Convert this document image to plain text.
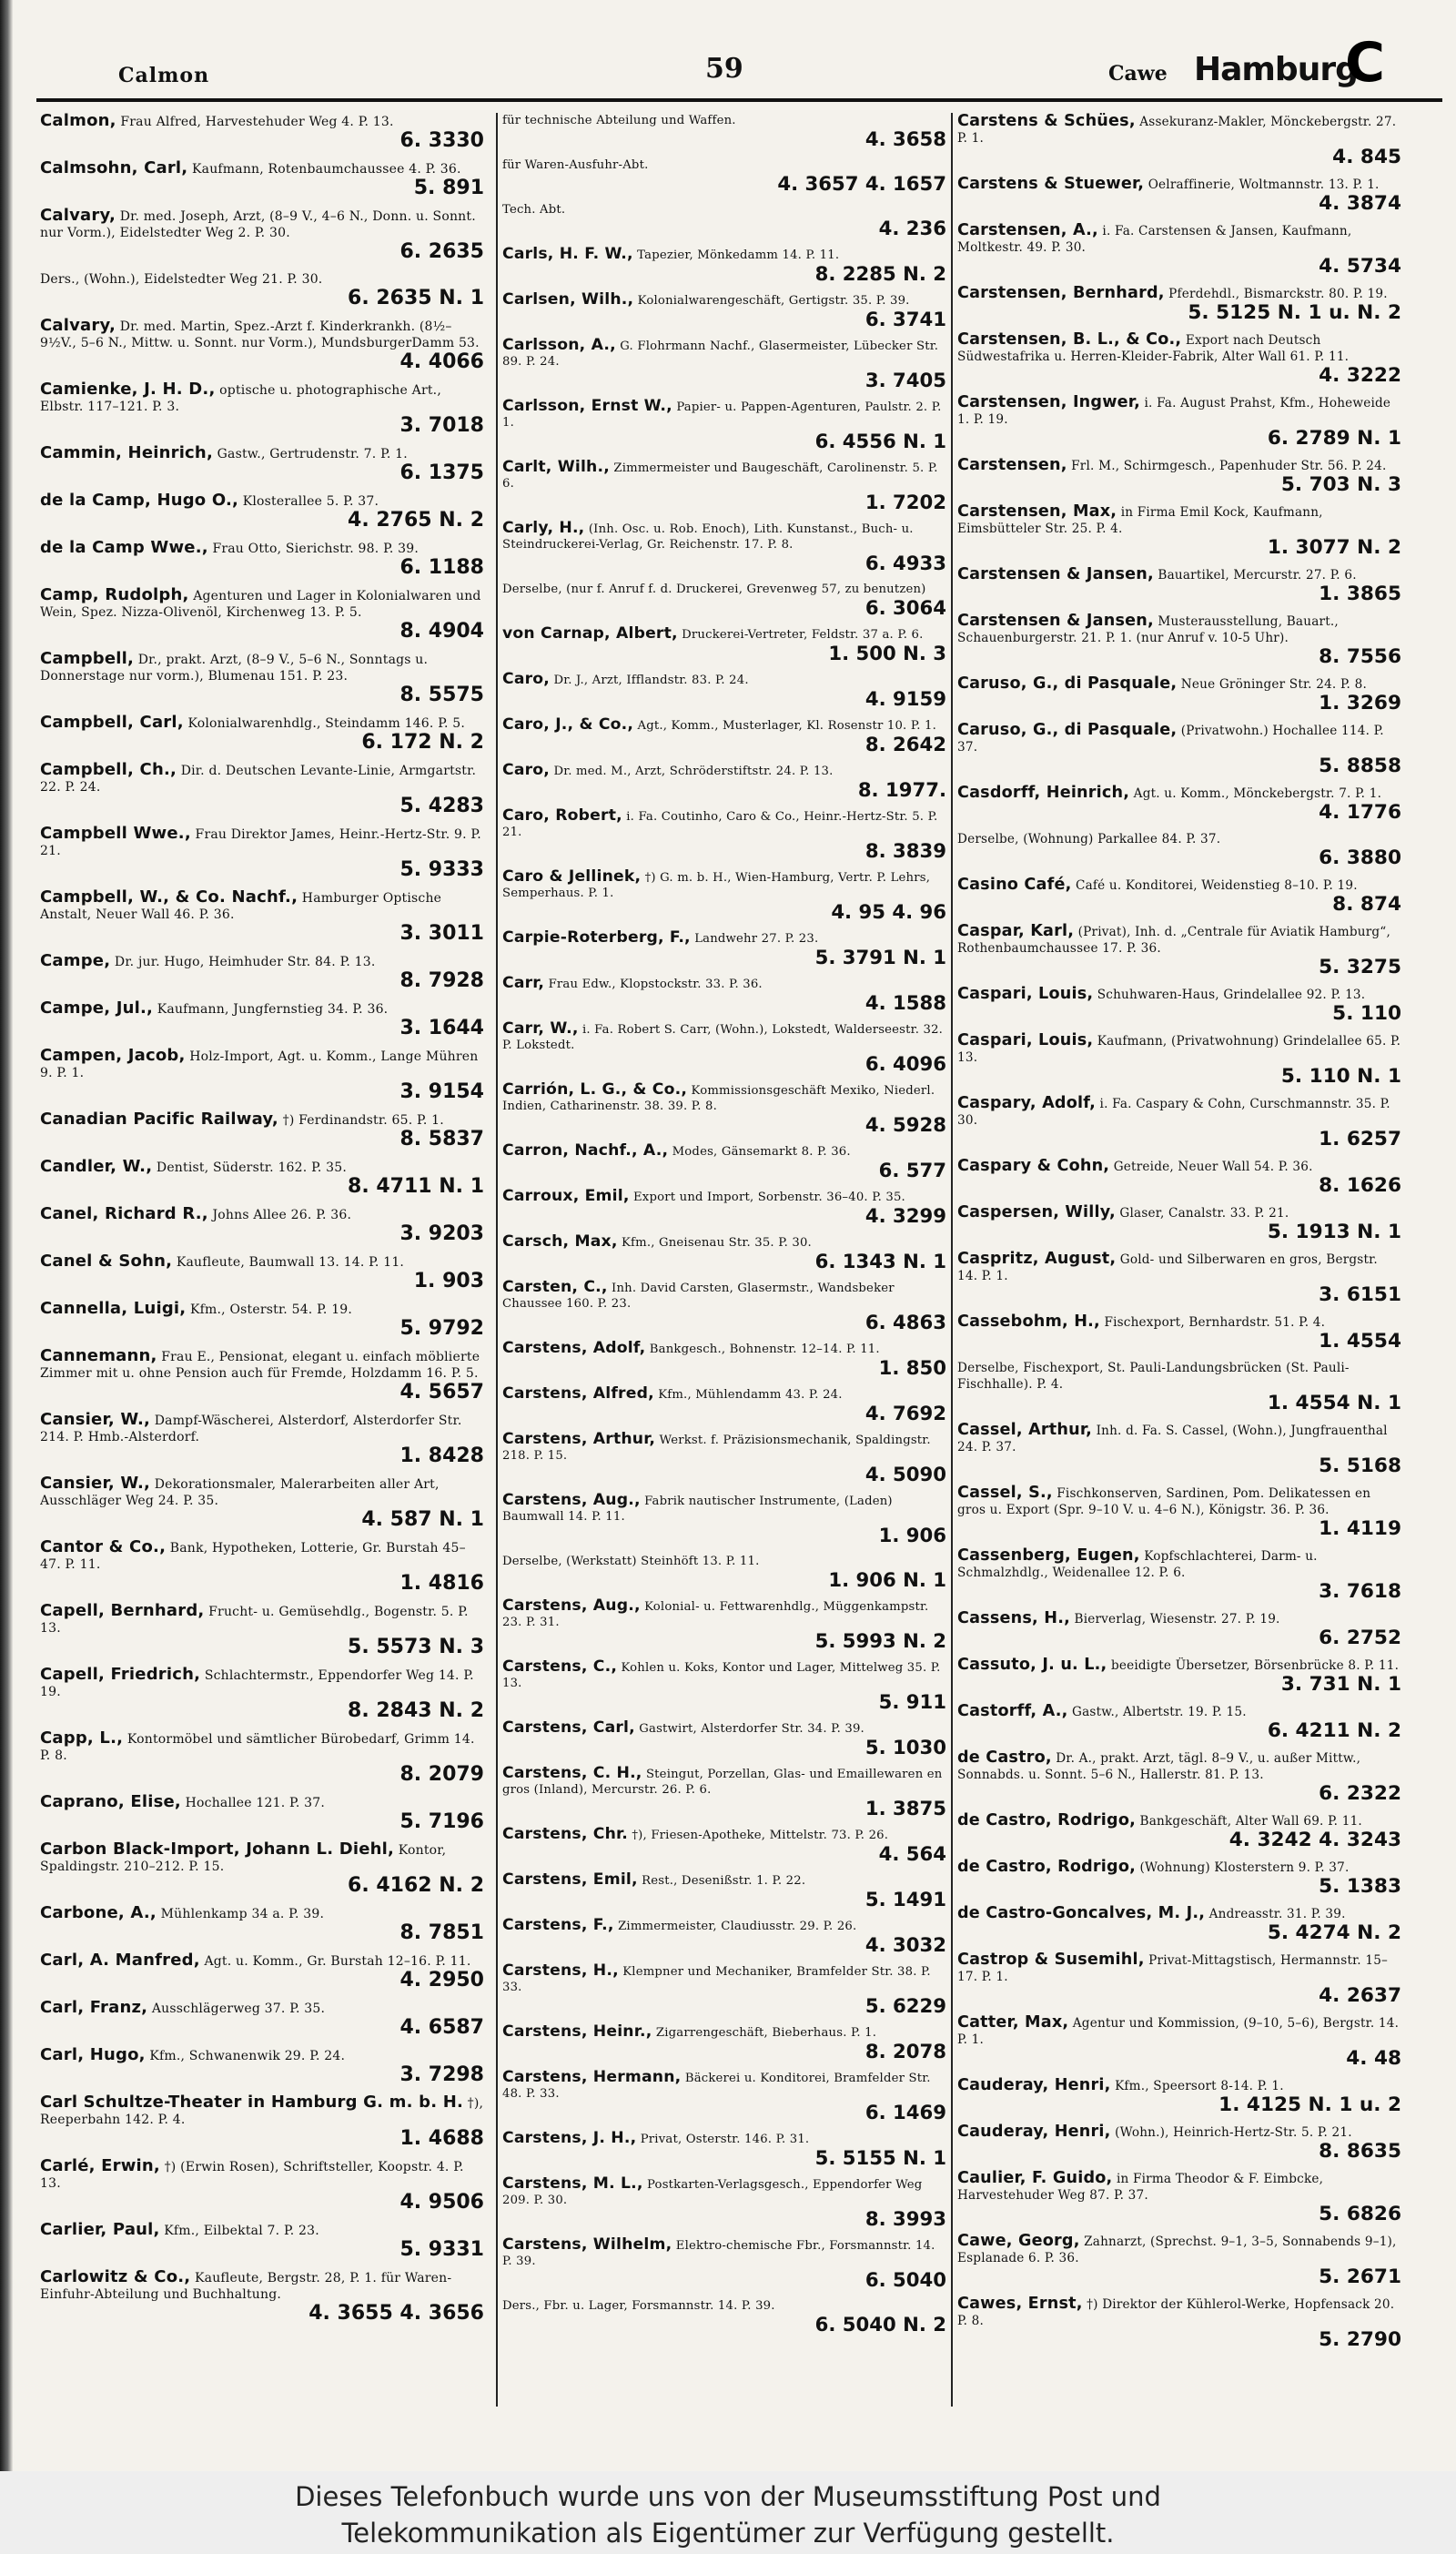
Calmon	59	Cawe Hamburg
C
Calmon, Frau Alfred, Harvestehuder Weg 4. P. 13.
6. 3330
Calmsohn, Carl, Kaufmann, Rotenbaumchaussee 4. P. 36.
5. 891
Calvary, Dr. med. Joseph, Arzt, (8–9 V., 4–6 N., Donn. u. Sonnt. nur Vorm.), Eidelstedter Weg 2. P. 30.
6. 2635
Ders., (Wohn.), Eidelstedter Weg 21. P. 30.
6. 2635 N. 1
Calvary, Dr. med. Martin, Spez.-Arzt f. Kinderkrankh. (8½–9½V., 5–6 N., Mittw. u. Sonnt. nur Vorm.), MundsburgerDamm 53.
4. 4066
Camienke, J. H. D., optische u. photographische Art., Elbstr. 117–121. P. 3.
3. 7018
Cammin, Heinrich, Gastw., Gertrudenstr. 7. P. 1.
6. 1375
de la Camp, Hugo O., Klosterallee 5. P. 37.
4. 2765 N. 2
de la Camp Wwe., Frau Otto, Sierichstr. 98. P. 39.
6. 1188
Camp, Rudolph, Agenturen und Lager in Kolonialwaren und Wein, Spez. Nizza-Olivenöl, Kirchenweg 13. P. 5.
8. 4904
Campbell, Dr., prakt. Arzt, (8–9 V., 5–6 N., Sonntags u. Donnerstage nur vorm.), Blumenau 151. P. 23.
8. 5575
Campbell, Carl, Kolonialwarenhdlg., Steindamm 146. P. 5.
6. 172 N. 2
Campbell, Ch., Dir. d. Deutschen Levante-Linie, Armgartstr. 22. P. 24.
5. 4283
Campbell Wwe., Frau Direktor James, Heinr.-Hertz-Str. 9. P. 21.
5. 9333
Campbell, W., & Co. Nachf., Hamburger Optische Anstalt, Neuer Wall 46. P. 36.
3. 3011
Campe, Dr. jur. Hugo, Heimhuder Str. 84. P. 13.
8. 7928
Campe, Jul., Kaufmann, Jungfernstieg 34. P. 36.
3. 1644
Campen, Jacob, Holz-Import, Agt. u. Komm., Lange Mühren 9. P. 1.
3. 9154
Canadian Pacific Railway, †) Ferdinandstr. 65. P. 1.
8. 5837
Candler, W., Dentist, Süderstr. 162. P. 35.
8. 4711 N. 1
Canel, Richard R., Johns Allee 26. P. 36.
3. 9203
Canel & Sohn, Kaufleute, Baumwall 13. 14. P. 11.
1. 903
Cannella, Luigi, Kfm., Osterstr. 54. P. 19.
5. 9792
Cannemann, Frau E., Pensionat, elegant u. einfach möblierte Zimmer mit u. ohne Pension auch für Fremde, Holzdamm 16. P. 5.
4. 5657
Cansier, W., Dampf-Wäscherei, Alsterdorf, Alsterdorfer Str. 214. P. Hmb.-Alsterdorf.
1. 8428
Cansier, W., Dekorationsmaler, Malerarbeiten aller Art, Ausschläger Weg 24. P. 35.
4. 587 N. 1
Cantor & Co., Bank, Hypotheken, Lotterie, Gr. Burstah 45–47. P. 11.
1. 4816
Capell, Bernhard, Frucht- u. Gemüsehdlg., Bogenstr. 5. P. 13.
5. 5573 N. 3
Capell, Friedrich, Schlachtermstr., Eppendorfer Weg 14. P. 19.
8. 2843 N. 2
Capp, L., Kontormöbel und sämtlicher Bürobedarf, Grimm 14. P. 8.
8. 2079
Caprano, Elise, Hochallee 121. P. 37.
5. 7196
Carbon Black-Import, Johann L. Diehl, Kontor, Spaldingstr. 210–212. P. 15.
6. 4162 N. 2
Carbone, A., Mühlenkamp 34 a. P. 39.
8. 7851
Carl, A. Manfred, Agt. u. Komm., Gr. Burstah 12–16. P. 11.
4. 2950
Carl, Franz, Ausschlägerweg 37. P. 35.
4. 6587
Carl, Hugo, Kfm., Schwanenwik 29. P. 24.
3. 7298
Carl Schultze-Theater in Hamburg G. m. b. H. †), Reeperbahn 142. P. 4.
1. 4688
Carlé, Erwin, †) (Erwin Rosen), Schriftsteller, Koopstr. 4. P. 13.
4. 9506
Carlier, Paul, Kfm., Eilbektal 7. P. 23.
5. 9331
Carlowitz & Co., Kaufleute, Bergstr. 28, P. 1. für Waren-Einfuhr-Abteilung und Buchhaltung.
4. 3655 4. 3656
für technische Abteilung und Waffen.
4. 3658
für Waren-Ausfuhr-Abt.
4. 3657 4. 1657
Tech. Abt.
4. 236
Carls, H. F. W., Tapezier, Mönkedamm 14. P. 11.
8. 2285 N. 2
Carlsen, Wilh., Kolonialwarengeschäft, Gertigstr. 35. P. 39.
6. 3741
Carlsson, A., G. Flohrmann Nachf., Glasermeister, Lübecker Str. 89. P. 24.
3. 7405
Carlsson, Ernst W., Papier- u. Pappen-Agenturen, Paulstr. 2. P. 1.
6. 4556 N. 1
Carlt, Wilh., Zimmermeister und Baugeschäft, Carolinenstr. 5. P. 6.
1. 7202
Carly, H., (Inh. Osc. u. Rob. Enoch), Lith. Kunstanst., Buch- u. Steindruckerei-Verlag, Gr. Reichenstr. 17. P. 8.
6. 4933
Derselbe, (nur f. Anruf f. d. Druckerei, Grevenweg 57, zu benutzen)
6. 3064
von Carnap, Albert, Druckerei-Vertreter, Feldstr. 37 a. P. 6.
1. 500 N. 3
Caro, Dr. J., Arzt, Ifflandstr. 83. P. 24.
4. 9159
Caro, J., & Co., Agt., Komm., Musterlager, Kl. Rosenstr 10. P. 1.
8. 2642
Caro, Dr. med. M., Arzt, Schröderstiftstr. 24. P. 13.
8. 1977.
Caro, Robert, i. Fa. Coutinho, Caro & Co., Heinr.-Hertz-Str. 5. P. 21.
8. 3839
Caro & Jellinek, †) G. m. b. H., Wien-Hamburg, Vertr. P. Lehrs, Semperhaus. P. 1.
4. 95 4. 96
Carpie-Roterberg, F., Landwehr 27. P. 23.
5. 3791 N. 1
Carr, Frau Edw., Klopstockstr. 33. P. 36.
4. 1588
Carr, W., i. Fa. Robert S. Carr, (Wohn.), Lokstedt, Walderseestr. 32. P. Lokstedt.
6. 4096
Carrión, L. G., & Co., Kommissionsgeschäft Mexiko, Niederl. Indien, Catharinenstr. 38. 39. P. 8.
4. 5928
Carron, Nachf., A., Modes, Gänsemarkt 8. P. 36.
6. 577
Carroux, Emil, Export und Import, Sorbenstr. 36–40. P. 35.
4. 3299
Carsch, Max, Kfm., Gneisenau Str. 35. P. 30.
6. 1343 N. 1
Carsten, C., Inh. David Carsten, Glasermstr., Wandsbeker Chaussee 160. P. 23.
6. 4863
Carstens, Adolf, Bankgesch., Bohnenstr. 12–14. P. 11.
1. 850
Carstens, Alfred, Kfm., Mühlendamm 43. P. 24.
4. 7692
Carstens, Arthur, Werkst. f. Präzisionsmechanik, Spaldingstr. 218. P. 15.
4. 5090
Carstens, Aug., Fabrik nautischer Instrumente, (Laden) Baumwall 14. P. 11.
1. 906
Derselbe, (Werkstatt) Steinhöft 13. P. 11.
1. 906 N. 1
Carstens, Aug., Kolonial- u. Fettwarenhdlg., Müggenkampstr. 23. P. 31.
5. 5993 N. 2
Carstens, C., Kohlen u. Koks, Kontor und Lager, Mittelweg 35. P. 13.
5. 911
Carstens, Carl, Gastwirt, Alsterdorfer Str. 34. P. 39.
5. 1030
Carstens, C. H., Steingut, Porzellan, Glas- und Emaillewaren en gros (Inland), Mercurstr. 26. P. 6.
1. 3875
Carstens, Chr. †), Friesen-Apotheke, Mittelstr. 73. P. 26.
4. 564
Carstens, Emil, Rest., Desenißstr. 1. P. 22.
5. 1491
Carstens, F., Zimmermeister, Claudiusstr. 29. P. 26.
4. 3032
Carstens, H., Klempner und Mechaniker, Bramfelder Str. 38. P. 33.
5. 6229
Carstens, Heinr., Zigarrengeschäft, Bieberhaus. P. 1.
8. 2078
Carstens, Hermann, Bäckerei u. Konditorei, Bramfelder Str. 48. P. 33.
6. 1469
Carstens, J. H., Privat, Osterstr. 146. P. 31.
5. 5155 N. 1
Carstens, M. L., Postkarten-Verlagsgesch., Eppendorfer Weg 209. P. 30.
8. 3993
Carstens, Wilhelm, Elektro-chemische Fbr., Forsmannstr. 14. P. 39.
6. 5040
Ders., Fbr. u. Lager, Forsmannstr. 14. P. 39.
6. 5040 N. 2
Carstens & Schües, Assekuranz-Makler, Mönckebergstr. 27. P. 1.
4. 845
Carstens & Stuewer, Oelraffinerie, Woltmannstr. 13. P. 1.
4. 3874
Carstensen, A., i. Fa. Carstensen & Jansen, Kaufmann, Moltkestr. 49. P. 30.
4. 5734
Carstensen, Bernhard, Pferdehdl., Bismarckstr. 80. P. 19.
5. 5125 N. 1 u. N. 2
Carstensen, B. L., & Co., Export nach Deutsch Südwestafrika u. Herren-Kleider-Fabrik, Alter Wall 61. P. 11.
4. 3222
Carstensen, Ingwer, i. Fa. August Prahst, Kfm., Hoheweide 1. P. 19.
6. 2789 N. 1
Carstensen, Frl. M., Schirmgesch., Papenhuder Str. 56. P. 24.
5. 703 N. 3
Carstensen, Max, in Firma Emil Kock, Kaufmann, Eimsbütteler Str. 25. P. 4.
1. 3077 N. 2
Carstensen & Jansen, Bauartikel, Mercurstr. 27. P. 6.
1. 3865
Carstensen & Jansen, Musterausstellung, Bauart., Schauenburgerstr. 21. P. 1. (nur Anruf v. 10-5 Uhr).
8. 7556
Caruso, G., di Pasquale, Neue Gröninger Str. 24. P. 8.
1. 3269
Caruso, G., di Pasquale, (Privatwohn.) Hochallee 114. P. 37.
5. 8858
Casdorff, Heinrich, Agt. u. Komm., Mönckebergstr. 7. P. 1.
4. 1776
Derselbe, (Wohnung) Parkallee 84. P. 37.
6. 3880
Casino Café, Café u. Konditorei, Weidenstieg 8–10. P. 19.
8. 874
Caspar, Karl, (Privat), Inh. d. „Centrale für Aviatik Hamburg“, Rothenbaumchaussee 17. P. 36.
5. 3275
Caspari, Louis, Schuhwaren-Haus, Grindelallee 92. P. 13.
5. 110
Caspari, Louis, Kaufmann, (Privatwohnung) Grindelallee 65. P. 13.
5. 110 N. 1
Caspary, Adolf, i. Fa. Caspary & Cohn, Curschmannstr. 35. P. 30.
1. 6257
Caspary & Cohn, Getreide, Neuer Wall 54. P. 36.
8. 1626
Caspersen, Willy, Glaser, Canalstr. 33. P. 21.
5. 1913 N. 1
Caspritz, August, Gold- und Silberwaren en gros, Bergstr. 14. P. 1.
3. 6151
Cassebohm, H., Fischexport, Bernhardstr. 51. P. 4.
1. 4554
Derselbe, Fischexport, St. Pauli-Landungsbrücken (St. Pauli-Fischhalle). P. 4.
1. 4554 N. 1
Cassel, Arthur, Inh. d. Fa. S. Cassel, (Wohn.), Jungfrauenthal 24. P. 37.
5. 5168
Cassel, S., Fischkonserven, Sardinen, Pom. Delikatessen en gros u. Export (Spr. 9–10 V. u. 4–6 N.), Königstr. 36. P. 36.
1. 4119
Cassenberg, Eugen, Kopfschlachterei, Darm- u. Schmalzhdlg., Weidenallee 12. P. 6.
3. 7618
Cassens, H., Bierverlag, Wiesenstr. 27. P. 19.
6. 2752
Cassuto, J. u. L., beeidigte Übersetzer, Börsenbrücke 8. P. 11.
3. 731 N. 1
Castorff, A., Gastw., Albertstr. 19. P. 15.
6. 4211 N. 2
de Castro, Dr. A., prakt. Arzt, tägl. 8–9 V., u. außer Mittw., Sonnabds. u. Sonnt. 5–6 N., Hallerstr. 81. P. 13.
6. 2322
de Castro, Rodrigo, Bankgeschäft, Alter Wall 69. P. 11.
4. 3242 4. 3243
de Castro, Rodrigo, (Wohnung) Klosterstern 9. P. 37.
5. 1383
de Castro-Goncalves, M. J., Andreasstr. 31. P. 39.
5. 4274 N. 2
Castrop & Susemihl, Privat-Mittagstisch, Hermannstr. 15–17. P. 1.
4. 2637
Catter, Max, Agentur und Kommission, (9–10, 5–6), Bergstr. 14. P. 1.
4. 48
Cauderay, Henri, Kfm., Speersort 8-14. P. 1.
1. 4125 N. 1 u. 2
Cauderay, Henri, (Wohn.), Heinrich-Hertz-Str. 5. P. 21.
8. 8635
Caulier, F. Guido, in Firma Theodor & F. Eimbcke, Harvestehuder Weg 87. P. 37.
5. 6826
Cawe, Georg, Zahnarzt, (Sprechst. 9–1, 3–5, Sonnabends 9–1), Esplanade 6. P. 36.
5. 2671
Cawes, Ernst, †) Direktor der Kühlerol-Werke, Hopfensack 20. P. 8.
5. 2790
Dieses Telefonbuch wurde uns von der Museumsstiftung Post und
Telekommunikation als Eigentümer zur Verfügung gestellt.
